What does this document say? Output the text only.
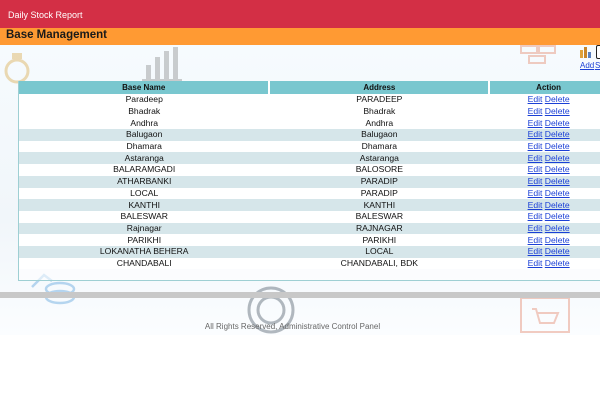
Daily Stock Report
Base Management
Add S
Base Name	Address	Action
Paradeep	PARADEEP	Edit Delete
Bhadrak	Bhadrak	Edit Delete
Andhra	Andhra	Edit Delete
Balugaon	Balugaon	Edit Delete
Dhamara	Dhamara	Edit Delete
Astaranga	Astaranga	Edit Delete
BALARAMGADI	BALOSORE	Edit Delete
ATHARBANKI	PARADIP	Edit Delete
LOCAL	PARADIP	Edit Delete
KANTHI	KANTHI	Edit Delete
BALESWAR	BALESWAR	Edit Delete
Rajnagar	RAJNAGAR	Edit Delete
PARIKHI	PARIKHI	Edit Delete
LOKANATHA BEHERA	LOCAL	Edit Delete
CHANDABALI	CHANDABALI, BDK	Edit Delete
All Rights Reserved, Administrative Control Panel
